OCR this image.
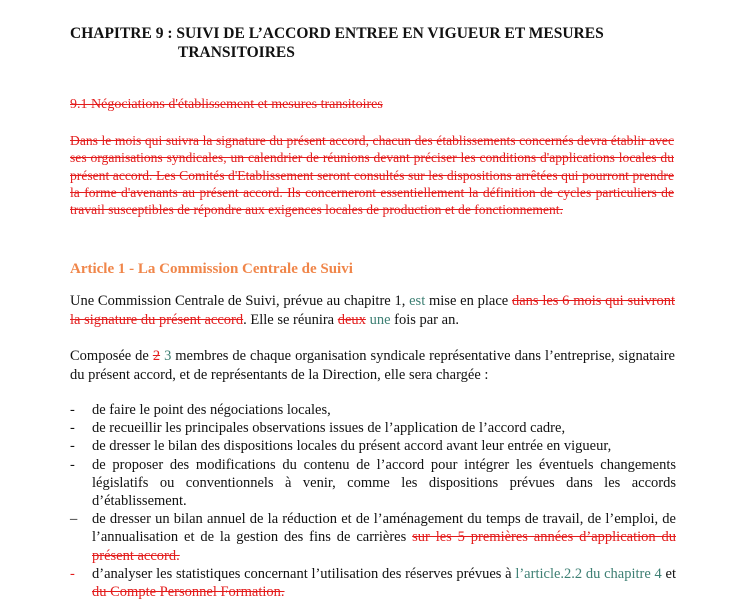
CHAPITRE 9 : SUIVI DE L’ACCORD ENTREE EN VIGUEUR ET MESURES
TRANSITOIRES
9.1 Négociations d'établissement et mesures transitoires
Dans le mois qui suivra la signature du présent accord, chacun des établissements concernés devra établir avec ses organisations syndicales, un calendrier de réunions devant préciser les conditions d'applications locales du présent accord. Les Comités d'Etablissement seront consultés sur les dispositions arrêtées qui pourront prendre la forme d'avenants au présent accord. Ils concerneront essentiellement la définition de cycles particuliers de travail susceptibles de répondre aux exigences locales de production et de fonctionnement.
Article 1 - La Commission Centrale de Suivi
Une Commission Centrale de Suivi, prévue au chapitre 1, est mise en place dans les 6 mois qui suivront la signature du présent accord. Elle se réunira deux une fois par an.
Composée de 2 3 membres de chaque organisation syndicale représentative dans l’entreprise, signataire du présent accord, et de représentants de la Direction, elle sera chargée :
- de faire le point des négociations locales,
- de recueillir les principales observations issues de l’application de l’accord cadre,
- de dresser le bilan des dispositions locales du présent accord avant leur entrée en vigueur,
- de proposer des modifications du contenu de l’accord pour intégrer les éventuels changements législatifs ou conventionnels à venir, comme les dispositions prévues dans les accords d’établissement.
– de dresser un bilan annuel de la réduction et de l’aménagement du temps de travail, de l’emploi, de l’annualisation et de la gestion des fins de carrières sur les 5 premières années d’application du présent accord.
- d’analyser les statistiques concernant l’utilisation des réserves prévues à l’article.2.2 du chapitre 4 et du Compte Personnel Formation.
